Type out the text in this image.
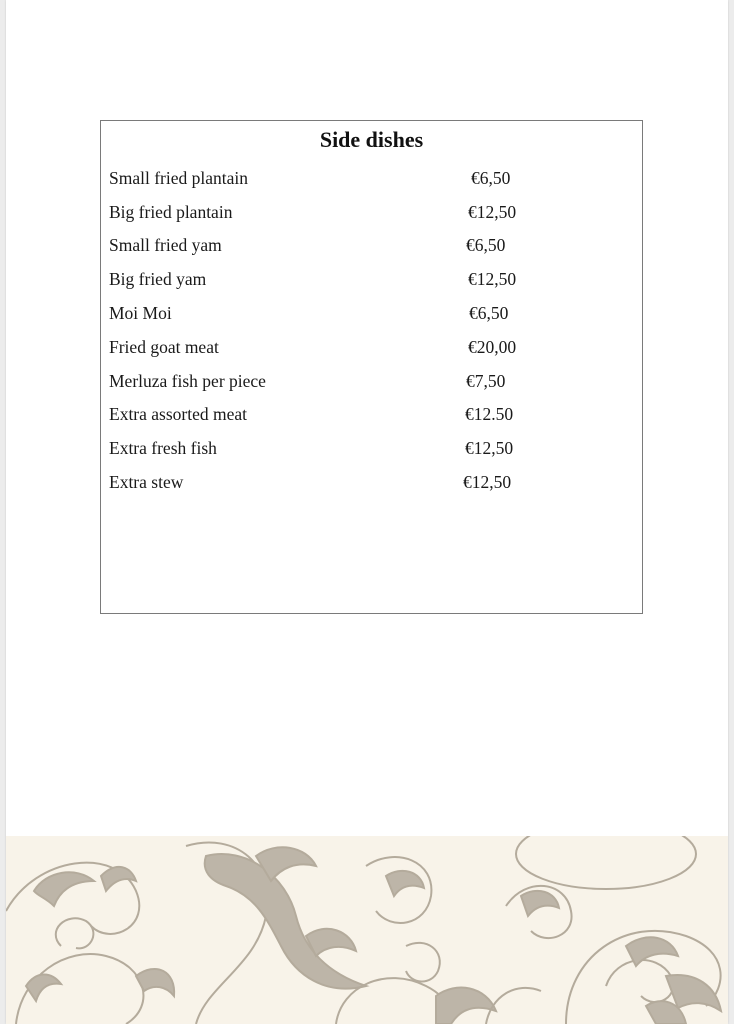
Side dishes
Small fried plantain	€6,50
Big fried plantain	€12,50
Small fried yam	€6,50
Big fried yam	€12,50
Moi Moi	€6,50
Fried goat meat	€20,00
Merluza fish per piece	€7,50
Extra assorted meat	€12.50
Extra fresh fish	€12,50
Extra stew	€12,50
